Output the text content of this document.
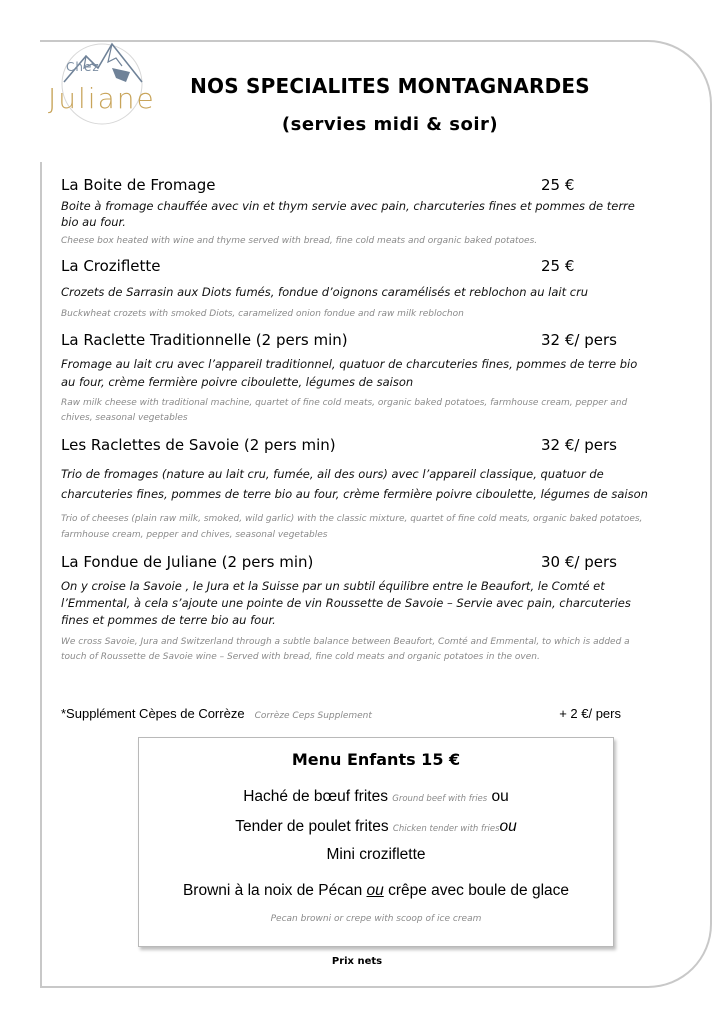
Chez
Juliane	NOS SPECIALITES MONTAGNARDES
(servies midi & soir)
La Boite de Fromage	25 €
Boite à fromage chauffée avec vin et thym servie avec pain, charcuteries fines et pommes de terre bio au four.
Cheese box heated with wine and thyme served with bread, fine cold meats and organic baked potatoes.
La Croziflette	25 €
Crozets de Sarrasin aux Diots fumés, fondue d’oignons caramélisés et reblochon au lait cru
Buckwheat crozets with smoked Diots, caramelized onion fondue and raw milk reblochon
La Raclette Traditionnelle (2 pers min)	32 €/ pers
Fromage au lait cru avec l’appareil traditionnel, quatuor de charcuteries fines, pommes de terre bio au four, crème fermière poivre ciboulette, légumes de saison
Raw milk cheese with traditional machine, quartet of fine cold meats, organic baked potatoes, farmhouse cream, pepper and chives, seasonal vegetables
Les Raclettes de Savoie (2 pers min)	32 €/ pers
Trio de fromages (nature au lait cru, fumée, ail des ours) avec l’appareil classique, quatuor de charcuteries fines, pommes de terre bio au four, crème fermière poivre ciboulette, légumes de saison
Trio of cheeses (plain raw milk, smoked, wild garlic) with the classic mixture, quartet of fine cold meats, organic baked potatoes, farmhouse cream, pepper and chives, seasonal vegetables
La Fondue de Juliane (2 pers min)	30 €/ pers
On y croise la Savoie , le Jura et la Suisse par un subtil équilibre entre le Beaufort, le Comté et l’Emmental, à cela s’ajoute une pointe de vin Roussette de Savoie – Servie avec pain, charcuteries fines et pommes de terre bio au four.
We cross Savoie, Jura and Switzerland through a subtle balance between Beaufort, Comté and Emmental, to which is added a touch of Roussette de Savoie wine – Served with bread, fine cold meats and organic potatoes in the oven.
*Supplément Cèpes de Corrèze Corrèze Ceps Supplement	+ 2 €/ pers
Menu Enfants 15 €
Haché de bœuf frites Ground beef with fries ou
Tender de poulet frites Chicken tender with friesou
Mini croziflette
Browni à la noix de Pécan ou crêpe avec boule de glace
Pecan browni or crepe with scoop of ice cream
Prix nets
